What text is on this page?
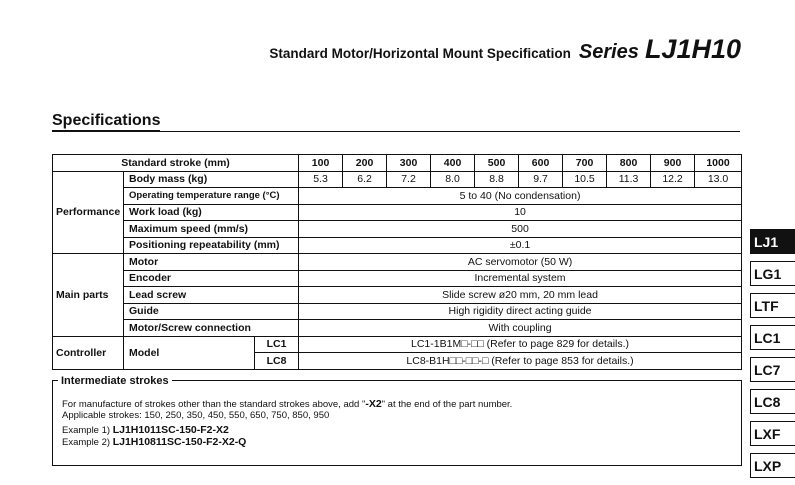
Standard Motor/Horizontal Mount Specification Series LJ1H10
Specifications
Standard stroke (mm)			100	200	300	400	500	600	700	800	900	1000
Performance	Body mass (kg)		5.3	6.2	7.2	8.0	8.8	9.7	10.5	11.3	12.2	13.0
	Operating temperature range (°C)		5 to 40 (No condensation)									
	Work load (kg)		10									
	Maximum speed (mm/s)		500									
	Positioning repeatability (mm)		±0.1									
Main parts	Motor		AC servomotor (50 W)									
	Encoder		Incremental system									
	Lead screw		Slide screw ø20 mm, 20 mm lead									
	Guide		High rigidity direct acting guide									
	Motor/Screw connection		With coupling									
Controller	Model	LC1	LC1-1B1M□-□□ (Refer to page 829 for details.)									
		LC8	LC8-B1H□□-□□-□ (Refer to page 853 for details.)									
Intermediate strokes
For manufacture of strokes other than the standard strokes above, add "-X2" at the end of the part number.
Applicable strokes: 150, 250, 350, 450, 550, 650, 750, 850, 950
Example 1) LJ1H1011SC-150-F2-X2
Example 2) LJ1H10811SC-150-F2-X2-Q
LJ1
LG1
LTF
LC1
LC7
LC8
LXF
LXP
